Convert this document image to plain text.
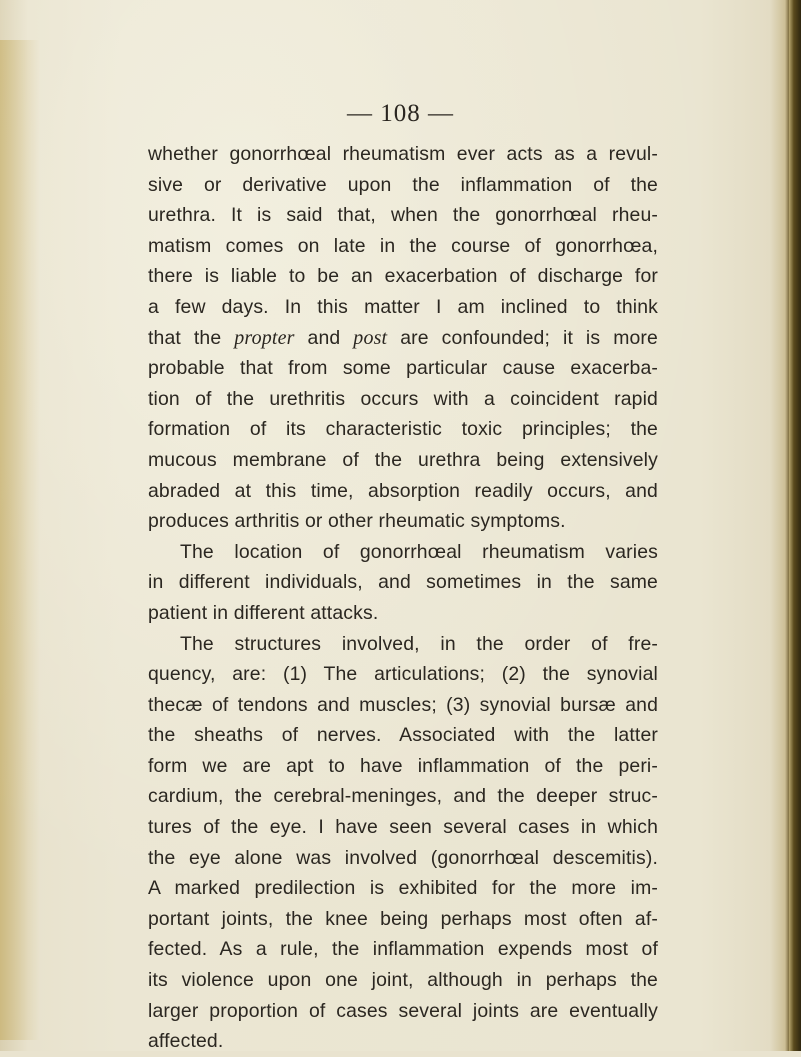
— 108 —

whether gonorrhœal rheumatism ever acts as a revul-
sive or derivative upon the inflammation of the
urethra. It is said that, when the gonorrhœal rheu-
matism comes on late in the course of gonorrhœa,
there is liable to be an exacerbation of discharge for
a few days. In this matter I am inclined to think
that the propter and post are confounded; it is more
probable that from some particular cause exacerba-
tion of the urethritis occurs with a coincident rapid
formation of its characteristic toxic principles; the
mucous membrane of the urethra being extensively
abraded at this time, absorption readily occurs, and
produces arthritis or other rheumatic symptoms.

The location of gonorrhœal rheumatism varies
in different individuals, and sometimes in the same
patient in different attacks.

The structures involved, in the order of fre-
quency, are: (1) The articulations; (2) the synovial
thecæ of tendons and muscles; (3) synovial bursæ and
the sheaths of nerves. Associated with the latter
form we are apt to have inflammation of the peri-
cardium, the cerebral-meninges, and the deeper struc-
tures of the eye. I have seen several cases in which
the eye alone was involved (gonorrhœal descemitis).
A marked predilection is exhibited for the more im-
portant joints, the knee being perhaps most often af-
fected. As a rule, the inflammation expends most of
its violence upon one joint, although in perhaps the
larger proportion of cases several joints are eventually
affected.
